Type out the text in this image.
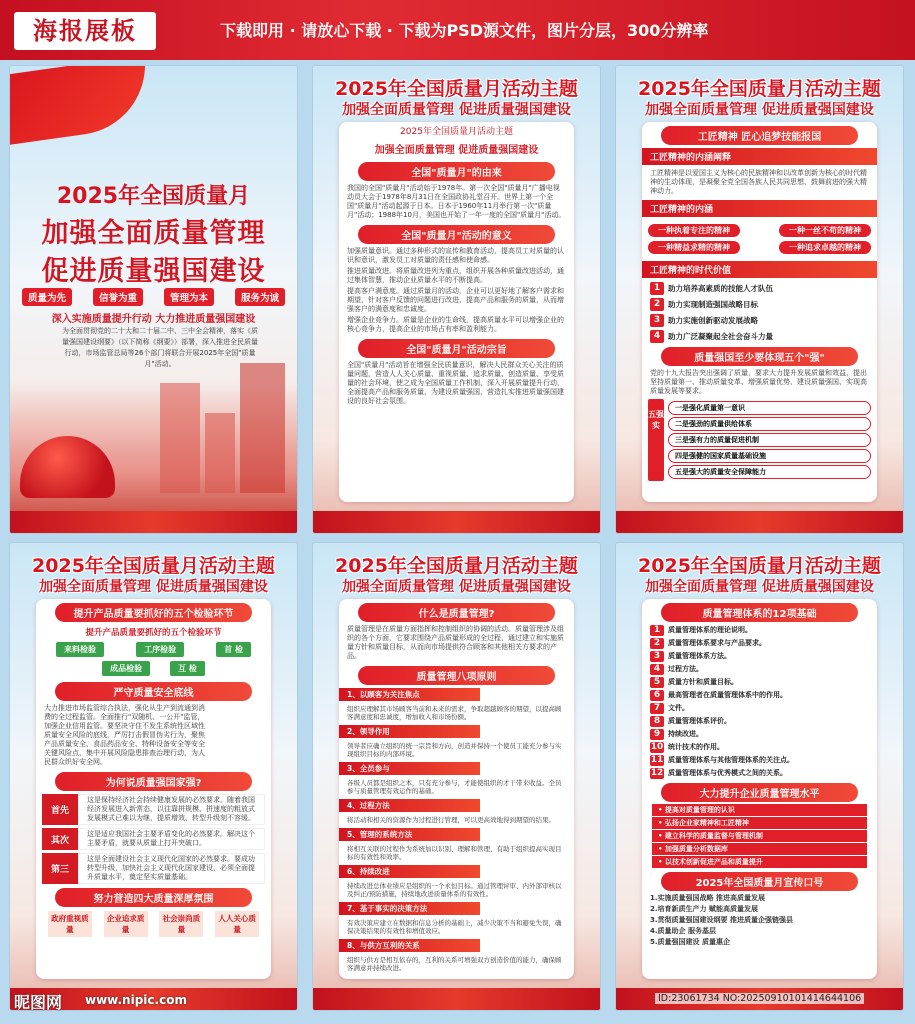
海报展板	下载即用 · 请放心下载 · 下载为PSD源文件，图片分层，300分辨率
2025年全国质量月
加强全面质量管理
促进质量强国建设
质量为先	信誉为重	管理为本	服务为诚
深入实施质量提升行动 大力推进质量强国建设
为全面贯彻党的二十大和二十届二中、三中全会精神，落实《质量强国建设纲要》（以下简称《纲要》）部署，深入推进全民质量行动，市场监管总局等26个部门将联合开展2025年全国"质量月"活动。
2025年全国质量月活动主题
加强全面质量管理 促进质量强国建设
2025年全国质量月活动主题
加强全面质量管理 促进质量强国建设
全国"质量月"的由来
我国的全国"质量月"活动始于1978年。第一次全国"质量月"广播电视动员大会于1978年8月31日在全国政协礼堂召开。世界上第一个全国"质量月"活动起源于日本。日本于1960年11月举行第一次"质量月"活动；1988年10月，美国也开始了一年一度的全国"质量月"活动。
全国"质量月"活动的意义
加强质量意识。通过多种形式的宣传和教育活动，提高员工对质量的认识和意识，激发员工对质量的责任感和使命感。
推进质量改进。将质量改进列为重点，组织开展各种质量改进活动，通过集体智慧，推动企业质量水平的不断提高。
提高客户满意度。通过质量月的活动，企业可以更好地了解客户需求和期望，针对客户反馈的问题进行改进，提高产品和服务的质量，从而增强客户的满意度和忠诚度。
增强企业竞争力。质量是企业的生命线，提高质量水平可以增强企业的核心竞争力，提高企业的市场占有率和盈利能力。
全国"质量月"活动宗旨
全国"质量月"活动旨在增强全民质量意识，解决人民群众关心关注的质量问题，营造人人关心质量、重视质量、追求质量、创造质量、享受质量的社会环境，使之成为全国质量工作机制，深入开展质量提升行动，全面提高产品和服务质量，为建设质量强国，营造扎实推进质量强国建设的良好社会氛围。
2025年全国质量月活动主题
加强全面质量管理 促进质量强国建设
工匠精神 匠心追梦技能报国
工匠精神的内涵阐释
工匠精神是以爱国主义为核心的民族精神和以改革创新为核心的时代精神的生动体现，是凝聚全党全国各族人民共同思想、鼓舞前进的强大精神动力。
工匠精神的内涵
一种执着专注的精神	一种一丝不苟的精神
一种精益求精的精神	一种追求卓越的精神
工匠精神的时代价值
1	助力培养高素质的技能人才队伍
2	助力实现制造强国战略目标
3	助力实施创新驱动发展战略
4	助力广泛凝聚起全社会奋斗力量
质量强国至少要体现五个"强"
党的十九大报告突出强调了质量，要求大力提升发展质量和效益，提出坚持质量第一、推动质量变革、增强质量优势、建设质量强国、实现高质量发展等要求。
五强实
一是强化质量第一意识
二是强劲的质量供给体系
三是强有力的质量促进机制
四是强健的国家质量基础设施
五是强大的质量安全保障能力
2025年全国质量月活动主题
加强全面质量管理 促进质量强国建设
提升产品质量要抓好的五个检验环节
提升产品质量要抓好的五个检验环节
来料检验	工序检验	首 检
成品检验	互 检
严守质量安全底线
大力推进市场监管综合执法，强化从生产到流通到消费的全过程监管。全面推行"双随机、一公开"监管，加强企业信用监管。要坚决守住不发生系统性区域性质量安全风险的底线，严厉打击假冒伪劣行为，聚焦产品质量安全、食品药品安全、特种设备安全等安全关键风险点，集中开展风险隐患排查治理行动，为人民群众织好安全网。
为何说质量强国家强?
首先
这是保持经济社会持续健康发展的必然要求。随着我国经济发展进入新常态，以往靠拼规模、拼速度的粗放式发展模式已难以为继，提质增效、转型升级刻不容缓。
其次
这是适应我国社会主要矛盾变化的必然要求。解决这个主要矛盾，就要从质量上打开突破口。
第三
这是全面建设社会主义现代化国家的必然要求。要成功转型升级，加快社会主义现代化国家建设，必须全面提升质量水平，奠定坚实质量基础。
努力营造四大质量深厚氛围
政府重视质量
企业追求质量
社会崇尚质量
人人关心质量
2025年全国质量月活动主题
加强全面质量管理 促进质量强国建设
什么是质量管理?
质量管理是在质量方面指挥和控制组织的协调的活动。质量管理涉及组织的各个方面，它要求围绕产品质量形成的全过程，通过建立和实施质量方针和质量目标，从而向市场提供符合顾客和其他相关方要求的产品。
质量管理八项原则
1、以顾客为关注焦点
组织应理解其市场顾客当前和未来的需求，争取超越顾客的期望，以提高顾客满意度和忠诚度，增加收入和市场份额。
2、领导作用
领导者应确立组织的统一宗旨和方向，创造并保持一个使员工能充分参与实现组织目标的内部环境。
3、全员参与
各级人员都是组织之本，只有充分参与，才能使组织的才干带来收益。全员参与质量管理有效运作的基础。
4、过程方法
将活动和相关的资源作为过程进行管理，可以更高效地得到期望的结果。
5、管理的系统方法
将相互关联的过程作为系统加以识别、理解和管理，有助于组织提高实现目标的有效性和效率。
6、持续改进
持续改进总体业绩应是组织的一个永恒目标。通过管理评审、内外部审核以及纠正/预防措施，持续地改进质量体系的有效性。
7、基于事实的决策方法
有效决策应建立在数据和信息分析的基础上，减少决策不当和避免失误，确保决策结果的有效性和增值效应。
8、与供方互利的关系
组织与供方是相互依存的，互利的关系可增强双方创造价值的能力，确保顾客满意并持续改进。
2025年全国质量月活动主题
加强全面质量管理 促进质量强国建设
质量管理体系的12项基础
1	质量管理体系的理论说明。
2	质量管理体系要求与产品要求。
3	质量管理体系方法。
4	过程方法。
5	质量方针和质量目标。
6	最高管理者在质量管理体系中的作用。
7	文件。
8	质量管理体系评价。
9	持续改进。
10 统计技术的作用。
11 质量管理体系与其他管理体系的关注点。
12 质量管理体系与优秀模式之间的关系。
大力提升企业质量管理水平
• 提高对质量管理的认识
• 弘扬企业家精神和工匠精神
• 建立科学的质量监督与管理机制
• 加强质量分析数据库
• 以技术创新促进产品和质量提升
2025年全国质量月宣传口号
1.实施质量强国战略 推进高质量发展
2.培育新质生产力 赋能高质量发展
3.贯彻质量强国建设纲要 推进质量企强链强县
4.质量助企 服务基层
5.质量强国建设 质量惠企
昵图网 www.nipic.com	ID:23061734 NO:20250910101414644106
